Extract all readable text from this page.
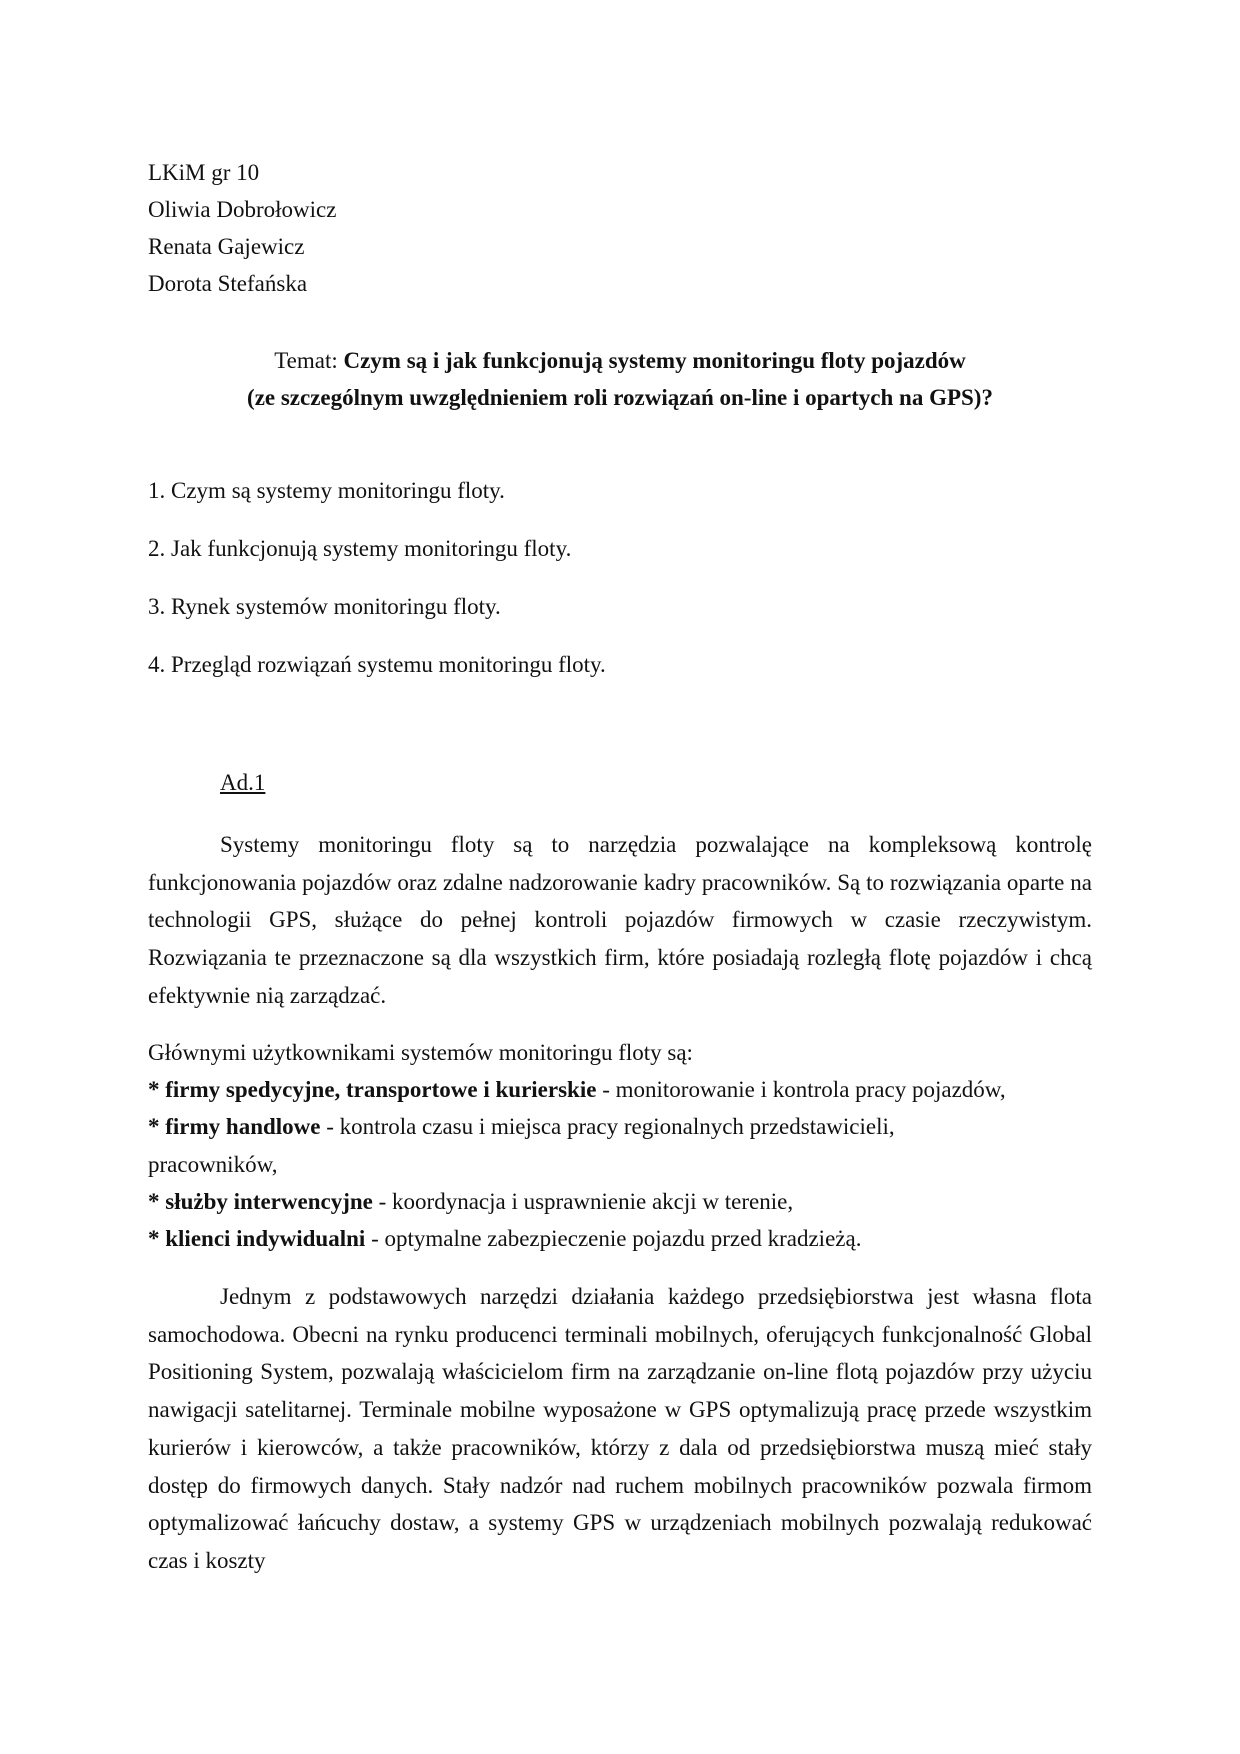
LKiM gr 10
Oliwia Dobrołowicz
Renata Gajewicz
Dorota Stefańska
Temat: Czym są i jak funkcjonują systemy monitoringu floty pojazdów
(ze szczególnym uwzględnieniem roli rozwiązań on-line i opartych na GPS)?
1. Czym są systemy monitoringu floty.
2. Jak funkcjonują systemy monitoringu floty.
3. Rynek systemów monitoringu floty.
4. Przegląd rozwiązań systemu monitoringu floty.
Ad.1

Systemy monitoringu floty są to narzędzia pozwalające na kompleksową kontrolę funkcjonowania pojazdów oraz zdalne nadzorowanie kadry pracowników. Są to rozwiązania oparte na technologii GPS, służące do pełnej kontroli pojazdów firmowych w czasie rzeczywistym. Rozwiązania te przeznaczone są dla wszystkich firm, które posiadają rozległą flotę pojazdów i chcą efektywnie nią zarządzać.

Głównymi użytkownikami systemów monitoringu floty są:
* firmy spedycyjne, transportowe i kurierskie - monitorowanie i kontrola pracy pojazdów,
* firmy handlowe - kontrola czasu i miejsca pracy regionalnych przedstawicieli,
pracowników,
* służby interwencyjne - koordynacja i usprawnienie akcji w terenie,
* klienci indywidualni - optymalne zabezpieczenie pojazdu przed kradzieżą.

Jednym z podstawowych narzędzi działania każdego przedsiębiorstwa jest własna flota samochodowa. Obecni na rynku producenci terminali mobilnych, oferujących funkcjonalność Global Positioning System, pozwalają właścicielom firm na zarządzanie on-line flotą pojazdów przy użyciu nawigacji satelitarnej. Terminale mobilne wyposażone w GPS optymalizują pracę przede wszystkim kurierów i kierowców, a także pracowników, którzy z dala od przedsiębiorstwa muszą mieć stały dostęp do firmowych danych. Stały nadzór nad ruchem mobilnych pracowników pozwala firmom optymalizować łańcuchy dostaw, a systemy GPS w urządzeniach mobilnych pozwalają redukować czas i koszty
